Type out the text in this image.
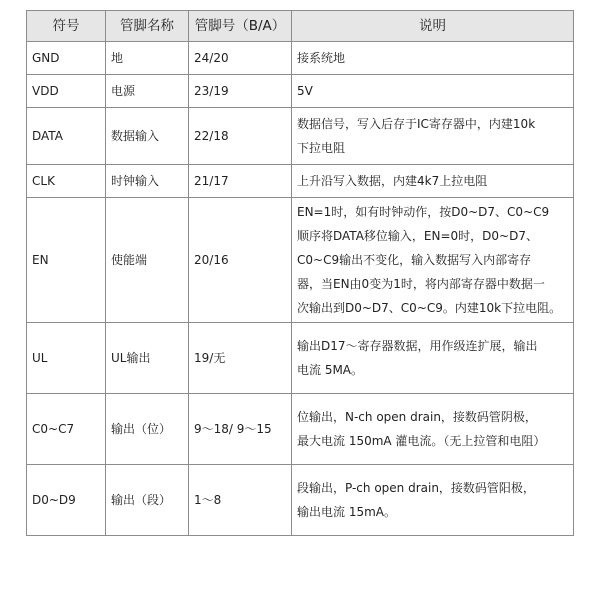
符号	管脚名称	管脚号（B/A）	说明
GND	地	24/20	接系统地

VDD	电源	23/19	5V

DATA	数据输入	22/18	数据信号，写入后存于IC寄存器中，内建10k
下拉电阻

CLK	时钟输入	21/17	上升沿写入数据，内建4k7上拉电阻

EN	使能端	20/16	EN=1时，如有时钟动作，按D0~D7、C0~C9
顺序将DATA移位输入，EN=0时，D0~D7、
C0~C9输出不变化，输入数据写入内部寄存
器，当EN由0变为1时，将内部寄存器中数据一
次输出到D0~D7、C0~C9。内建10k下拉电阻。

UL	UL输出	19/无	输出D17～寄存器数据，用作级连扩展，输出
电流 5MA。

C0~C7	输出（位）	9～18/ 9～15	位输出，N-ch open drain，接数码管阴极，
最大电流 150mA 灌电流。（无上拉管和电阻）

D0~D9	输出（段）	1～8	段输出，P-ch open drain，接数码管阳极，
输出电流 15mA。
